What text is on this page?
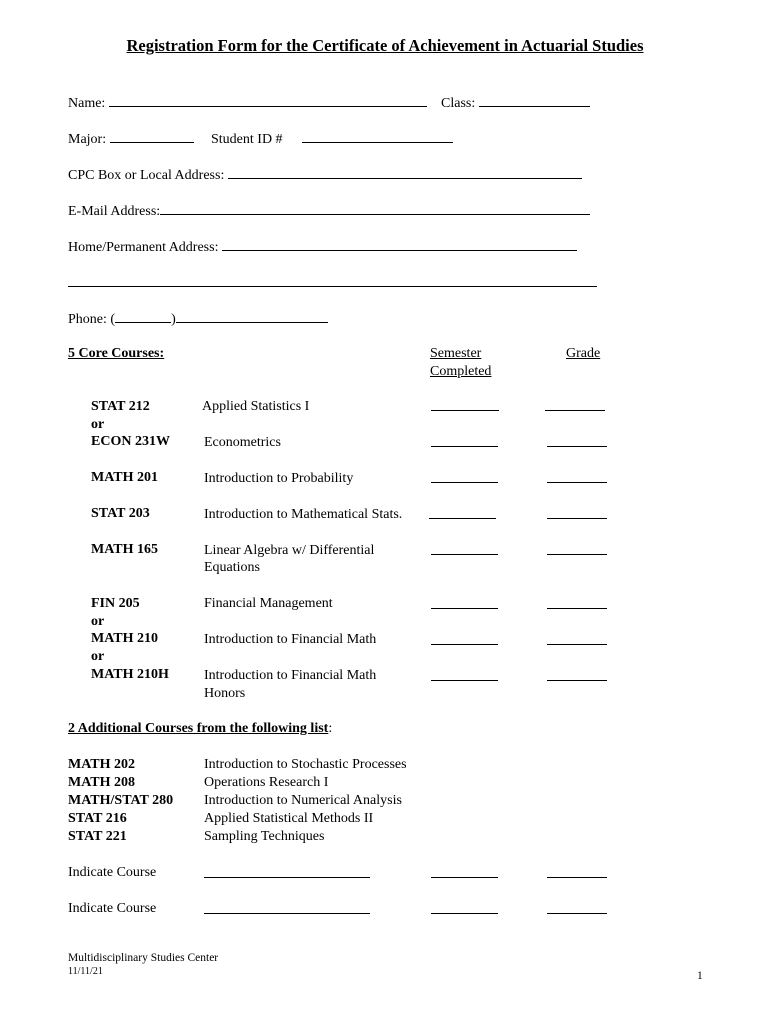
Registration Form for the Certificate of Achievement in Actuarial Studies
Name:	Class:
Major:	Student ID #
CPC Box or Local Address:
E-Mail Address:
Home/Permanent Address:
Phone: (	)
5 Core Courses:	Semester
Completed
Grade
STAT 212	Applied Statistics I
or
ECON 231W Econometrics
MATH 201	Introduction to Probability
STAT 203	Introduction to Mathematical Stats.
MATH 165	Linear Algebra w/ Differential
Equations
FIN 205	Financial Management
or
MATH 210	Introduction to Financial Math
or
MATH 210H	Introduction to Financial Math
Honors
2 Additional Courses from the following list:
MATH 202	Introduction to Stochastic Processes
MATH 208	Operations Research I
MATH/STAT 280 Introduction to Numerical Analysis
STAT 216	Applied Statistical Methods II
STAT 221	Sampling Techniques
Indicate Course
Indicate Course
Multidisciplinary Studies Center
11/11/21	1
